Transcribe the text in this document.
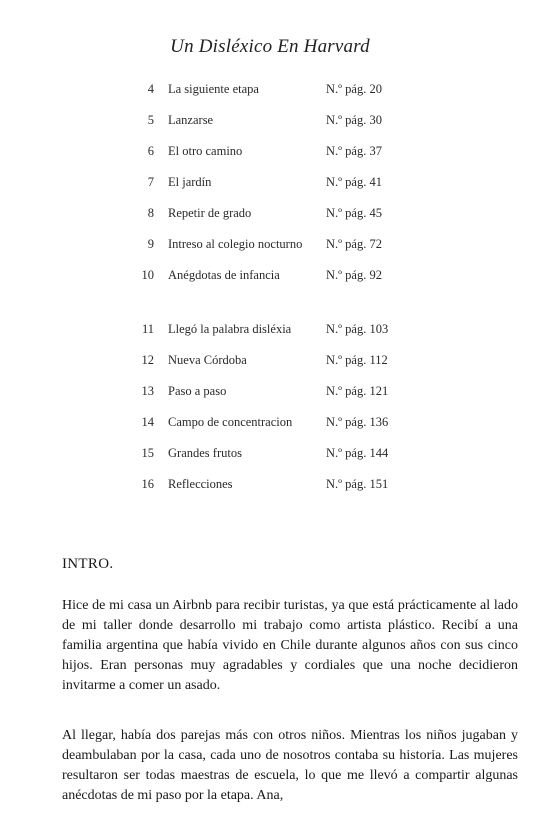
Un Disléxico En Harvard
4 La siguiente etapa	N.º pág. 20
5 Lanzarse	N.º pág. 30
6 El otro camino	N.º pág. 37
7 El jardín	N.º pág. 41
8 Repetir de grado	N.º pág. 45
9 Intreso al colegio nocturno N.º pág. 72
10 Anégdotas de infancia	N.º pág. 92
11 Llegó la palabra disléxia	N.º pág. 103
12 Nueva Córdoba	N.º pág. 112
13 Paso a paso	N.º pág. 121
14 Campo de concentracion	N.º pág. 136
15 Grandes frutos	N.º pág. 144
16 Reflecciones	N.º pág. 151
INTRO.

Hice de mi casa un Airbnb para recibir turistas, ya que está prácticamente al lado de mi taller donde desarrollo mi trabajo como artista plástico. Recibí a una familia argentina que había vivido en Chile durante algunos años con sus cinco hijos. Eran personas muy agradables y cordiales que una noche decidieron invitarme a comer un asado.

Al llegar, había dos parejas más con otros niños. Mientras los niños jugaban y deambulaban por la casa, cada uno de nosotros contaba su historia. Las mujeres resultaron ser todas maestras de escuela, lo que me llevó a compartir algunas anécdotas de mi paso por la etapa. Ana,
